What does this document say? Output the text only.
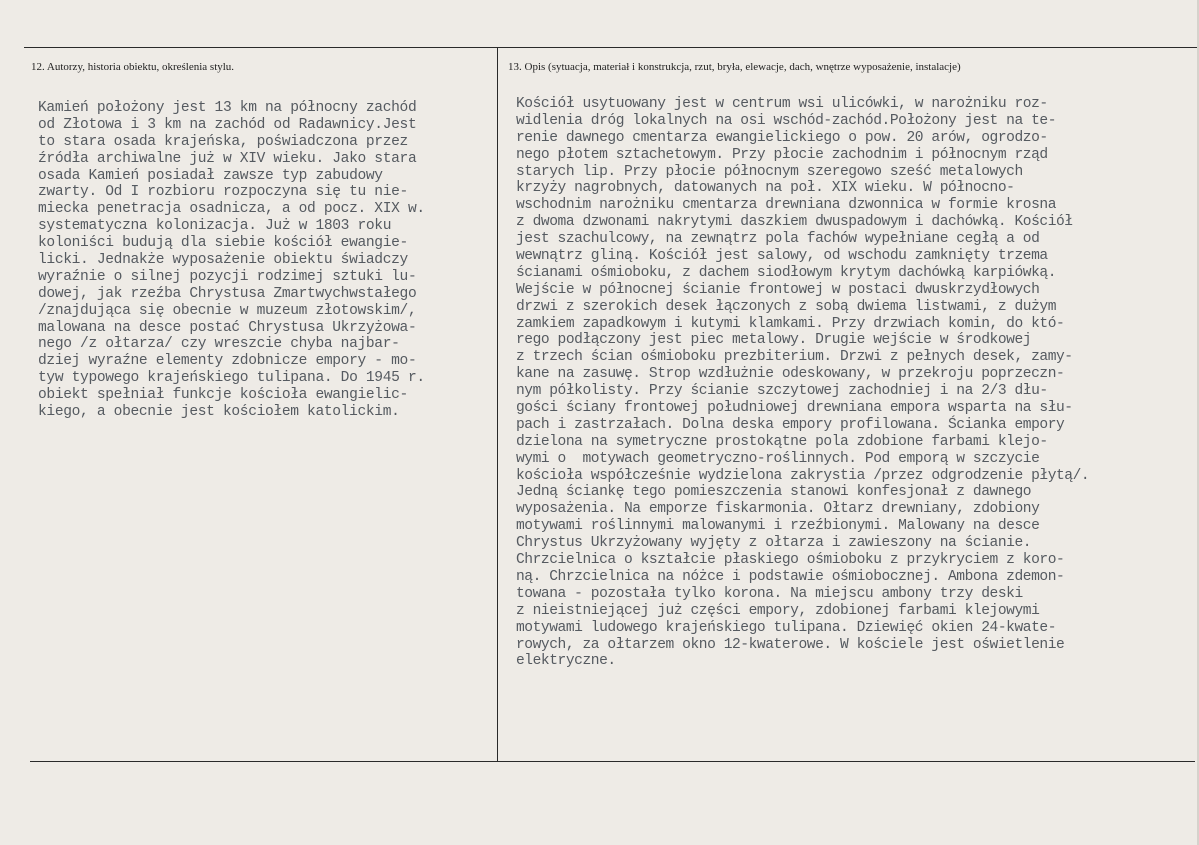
12. Autorzy, historia obiektu, określenia stylu.	13. Opis (sytuacja, materiał i konstrukcja, rzut, bryła, elewacje, dach, wnętrze wyposażenie, instalacje)
Kamień położony jest 13 km na północny zachód
od Złotowa i 3 km na zachód od Radawnicy.Jest
to stara osada krajeńska, poświadczona przez
źródła archiwalne już w XIV wieku. Jako stara
osada Kamień posiadał zawsze typ zabudowy
zwarty. Od I rozbioru rozpoczyna się tu nie-
miecka penetracja osadnicza, a od pocz. XIX w.
systematyczna kolonizacja. Już w 1803 roku
koloniści budują dla siebie kościół ewangie-
licki. Jednakże wyposażenie obiektu świadczy
wyraźnie o silnej pozycji rodzimej sztuki lu-
dowej, jak rzeźba Chrystusa Zmartwychwstałego
/znajdująca się obecnie w muzeum złotowskim/,
malowana na desce postać Chrystusa Ukrzyżowa-
nego /z ołtarza/ czy wreszcie chyba najbar-
dziej wyraźne elementy zdobnicze empory - mo-
tyw typowego krajeńskiego tulipana. Do 1945 r.
obiekt spełniał funkcje kościoła ewangielic-
kiego, a obecnie jest kościołem katolickim.
Kościół usytuowany jest w centrum wsi ulicówki, w narożniku roz-
widlenia dróg lokalnych na osi wschód-zachód.Położony jest na te-
renie dawnego cmentarza ewangielickiego o pow. 20 arów, ogrodzo-
nego płotem sztachetowym. Przy płocie zachodnim i północnym rząd
starych lip. Przy płocie północnym szeregowo sześć metalowych
krzyży nagrobnych, datowanych na poł. XIX wieku. W północno-
wschodnim narożniku cmentarza drewniana dzwonnica w formie krosna
z dwoma dzwonami nakrytymi daszkiem dwuspadowym i dachówką. Kościół
jest szachulcowy, na zewnątrz pola fachów wypełniane cegłą a od
wewnątrz gliną. Kościół jest salowy, od wschodu zamknięty trzema
ścianami ośmioboku, z dachem siodłowym krytym dachówką karpiówką.
Wejście w północnej ścianie frontowej w postaci dwuskrzydłowych
drzwi z szerokich desek łączonych z sobą dwiema listwami, z dużym
zamkiem zapadkowym i kutymi klamkami. Przy drzwiach komin, do któ-
rego podłączony jest piec metalowy. Drugie wejście w środkowej
z trzech ścian ośmioboku prezbiterium. Drzwi z pełnych desek, zamy-
kane na zasuwę. Strop wzdłużnie odeskowany, w przekroju poprzeczn-
nym półkolisty. Przy ścianie szczytowej zachodniej i na 2/3 dłu-
gości ściany frontowej południowej drewniana empora wsparta na słu-
pach i zastrzałach. Dolna deska empory profilowana. Ścianka empory
dzielona na symetryczne prostokątne pola zdobione farbami klejo-
wymi o  motywach geometryczno-roślinnych. Pod emporą w szczycie
kościoła współcześnie wydzielona zakrystia /przez odgrodzenie płytą/.
Jedną ściankę tego pomieszczenia stanowi konfesjonał z dawnego
wyposażenia. Na emporze fiskarmonia. Ołtarz drewniany, zdobiony
motywami roślinnymi malowanymi i rzeźbionymi. Malowany na desce
Chrystus Ukrzyżowany wyjęty z ołtarza i zawieszony na ścianie.
Chrzcielnica o kształcie płaskiego ośmioboku z przykryciem z koro-
ną. Chrzcielnica na nóżce i podstawie ośmiobocznej. Ambona zdemon-
towana - pozostała tylko korona. Na miejscu ambony trzy deski
z nieistniejącej już części empory, zdobionej farbami klejowymi
motywami ludowego krajeńskiego tulipana. Dziewięć okien 24-kwate-
rowych, za ołtarzem okno 12-kwaterowe. W kościele jest oświetlenie
elektryczne.
